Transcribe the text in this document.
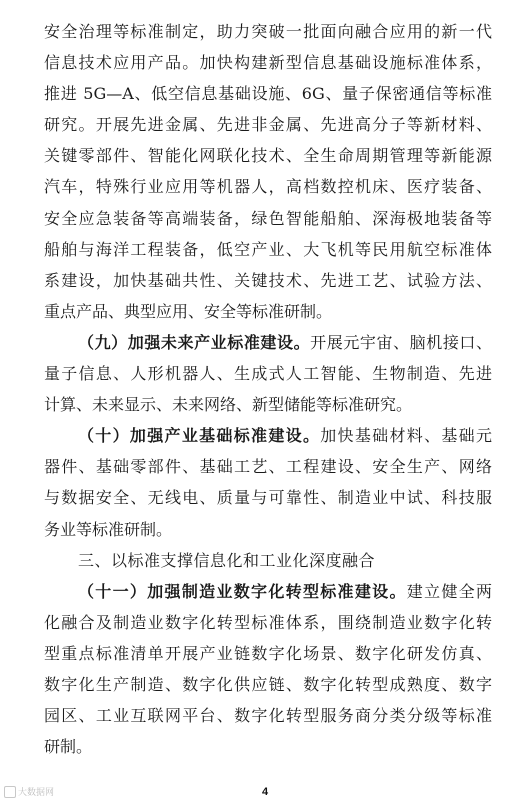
安全治理等标准制定，助力突破一批面向融合应用的新一代
信息技术应用产品。加快构建新型信息基础设施标准体系，
推进 5G—A、低空信息基础设施、6G、量子保密通信等标准
研究。开展先进金属、先进非金属、先进高分子等新材料、
关键零部件、智能化网联化技术、全生命周期管理等新能源
汽车，特殊行业应用等机器人，高档数控机床、医疗装备、
安全应急装备等高端装备，绿色智能船舶、深海极地装备等
船舶与海洋工程装备，低空产业、大飞机等民用航空标准体
系建设，加快基础共性、关键技术、先进工艺、试验方法、
重点产品、典型应用、安全等标准研制。
（九）加强未来产业标准建设。开展元宇宙、脑机接口、
量子信息、人形机器人、生成式人工智能、生物制造、先进
计算、未来显示、未来网络、新型储能等标准研究。
（十）加强产业基础标准建设。加快基础材料、基础元
器件、基础零部件、基础工艺、工程建设、安全生产、网络
与数据安全、无线电、质量与可靠性、制造业中试、科技服
务业等标准研制。
三、以标准支撑信息化和工业化深度融合
（十一）加强制造业数字化转型标准建设。建立健全两
化融合及制造业数字化转型标准体系，围绕制造业数字化转
型重点标准清单开展产业链数字化场景、数字化研发仿真、
数字化生产制造、数字化供应链、数字化转型成熟度、数字
园区、工业互联网平台、数字化转型服务商分类分级等标准
研制。
大数据网	4
